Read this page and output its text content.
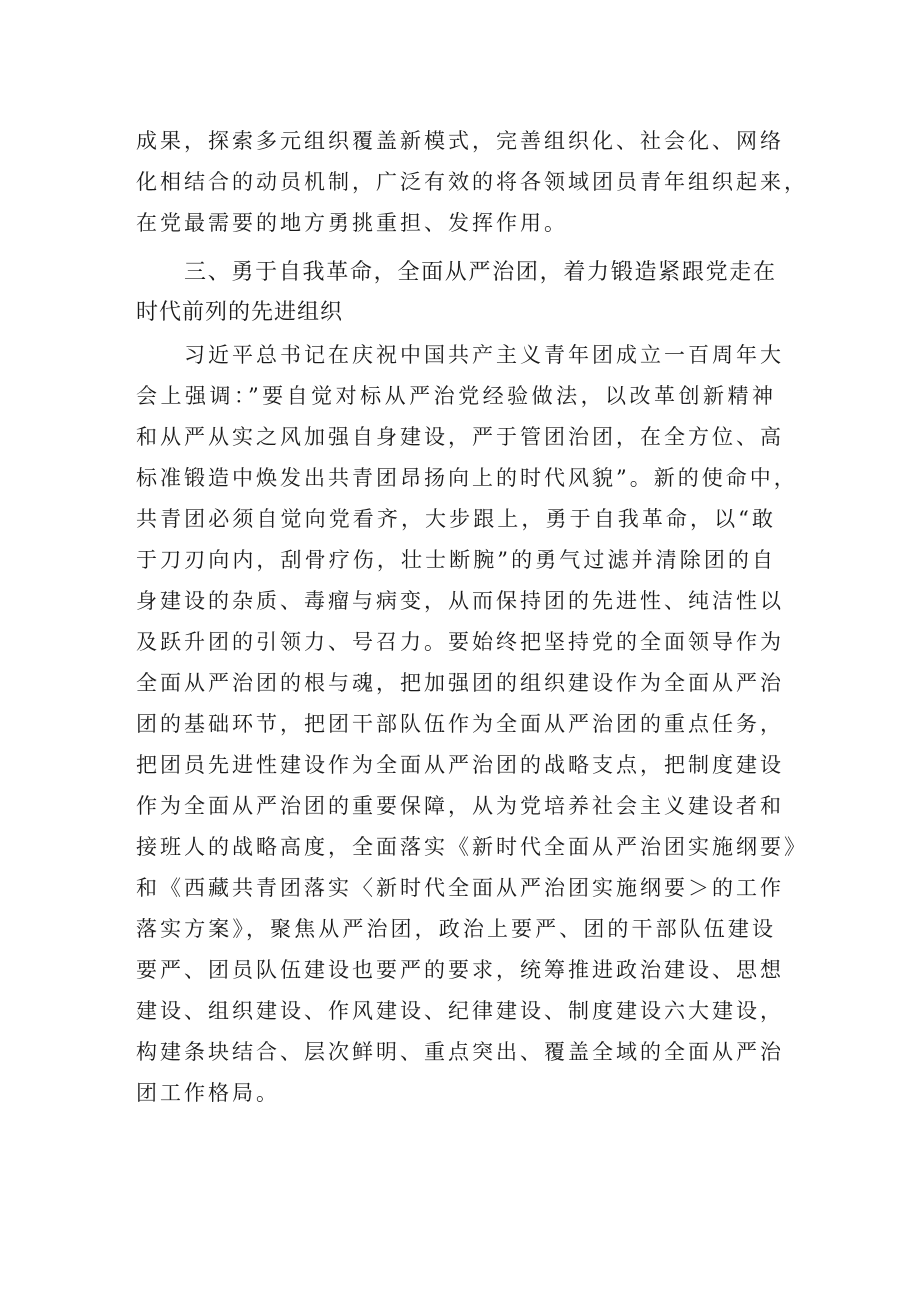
成果，探索多元组织覆盖新模式，完善组织化、社会化、网络
化相结合的动员机制，广泛有效的将各领域团员青年组织起来，
在党最需要的地方勇挑重担、发挥作用。
三、勇于自我革命，全面从严治团，着力锻造紧跟党走在
时代前列的先进组织
习近平总书记在庆祝中国共产主义青年团成立一百周年大
会上强调：”要自觉对标从严治党经验做法，以改革创新精神
和从严从实之风加强自身建设，严于管团治团，在全方位、高
标准锻造中焕发出共青团昂扬向上的时代风貌”。新的使命中，
共青团必须自觉向党看齐，大步跟上，勇于自我革命，以“敢
于刀刃向内，刮骨疗伤，壮士断腕”的勇气过滤并清除团的自
身建设的杂质、毒瘤与病变，从而保持团的先进性、纯洁性以
及跃升团的引领力、号召力。要始终把坚持党的全面领导作为
全面从严治团的根与魂，把加强团的组织建设作为全面从严治
团的基础环节，把团干部队伍作为全面从严治团的重点任务，
把团员先进性建设作为全面从严治团的战略支点，把制度建设
作为全面从严治团的重要保障，从为党培养社会主义建设者和
接班人的战略高度，全面落实《新时代全面从严治团实施纲要》
和《西藏共青团落实〈新时代全面从严治团实施纲要＞的工作
落实方案》，聚焦从严治团，政治上要严、团的干部队伍建设
要严、团员队伍建设也要严的要求，统筹推进政治建设、思想
建设、组织建设、作风建设、纪律建设、制度建设六大建设，
构建条块结合、层次鲜明、重点突出、覆盖全域的全面从严治
团工作格局。
